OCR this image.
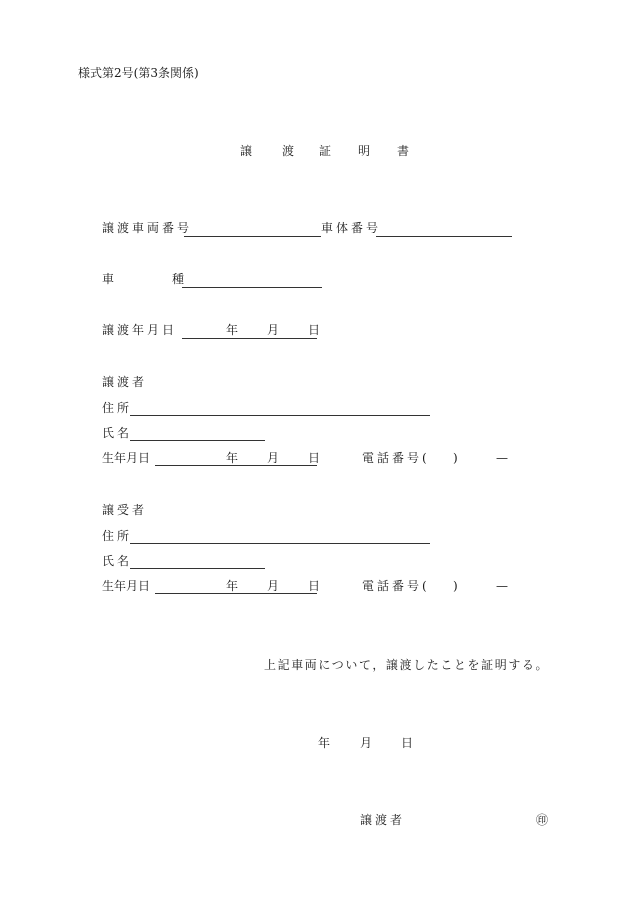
様式第2号(第3条関係)
譲 渡 証 明 書
譲渡車両番号	車体番号
車	種
譲渡年月日	年 月 日
譲渡者
住所
氏名
生年月日	年 月 日	電話番号( )	—
譲受者
住所
氏名
生年月日	年 月 日	電話番号( )	—
上記車両について，譲渡したことを証明する。
年 月 日
譲渡者	㊞
